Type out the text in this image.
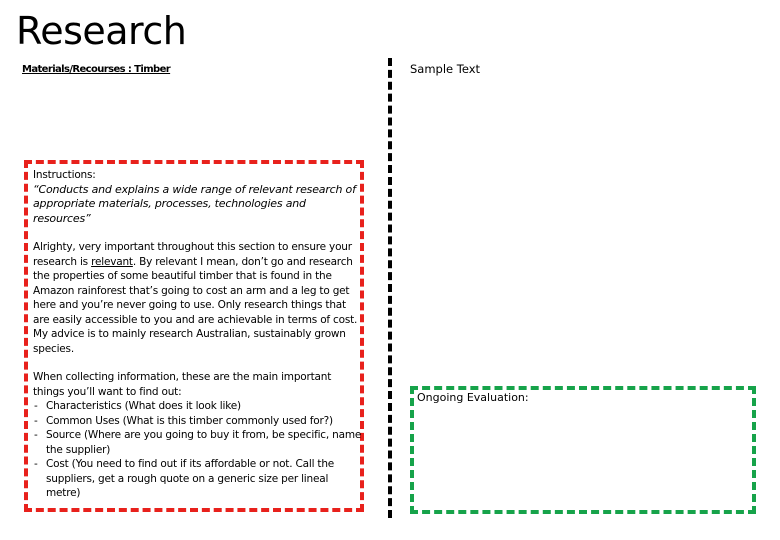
Research
Materials/Recourses : Timber

Instructions:

“Conducts and explains a wide range of relevant research of appropriate materials, processes, technologies and resources”

Alrighty, very important throughout this section to ensure your research is relevant. By relevant I mean, don’t go and research the properties of some beautiful timber that is found in the Amazon rainforest that’s going to cost an arm and a leg to get here and you’re never going to use. Only research things that are easily accessible to you and are achievable in terms of cost. My advice is to mainly research Australian, sustainably grown species.

When collecting information, these are the main important things you’ll want to find out:

- Characteristics (What does it look like)
- Common Uses (What is this timber commonly used for?)
- Source (Where are you going to buy it from, be specific, name the supplier)
- Cost (You need to find out if its affordable or not. Call the suppliers, get a rough quote on a generic size per lineal metre)
Sample Text
Ongoing Evaluation:
